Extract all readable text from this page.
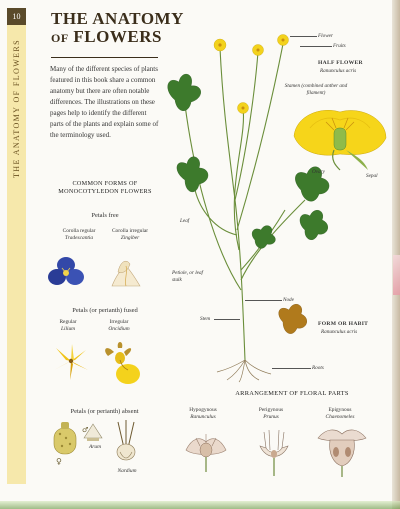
10
THE ANATOMY OF FLOWERS
THE ANATOMY
OF FLOWERS
Many of the different species of plants featured in this book share a common anatomy but there are often notable differences. The illustrations on these pages help to identify the different parts of the plants and explain some of the terminology used.
COMMON FORMS OF MONOCOTYLEDON FLOWERS
Petals free
Corolla regular
Tradescantia
Corolla irregular
Zingiber
Petals (or perianth) fused
Regular
Lilium
Irregular
Oncidium
Petals (or perianth) absent
♀
♂
Arum
Nardium
Flower
Fruits
Leaf
Petiole, or leaf stalk
Node
Stem
Roots
HALF FLOWER
Ranunculus acris
Stamen (combined anther and filament)
Ovary
Sepal
FORM OR HABIT
Ranunculus acris
ARRANGEMENT OF FLORAL PARTS
Hypogynous
Ranunculus
Perigynous
Prunus
Epigynous
Chaenomeles
